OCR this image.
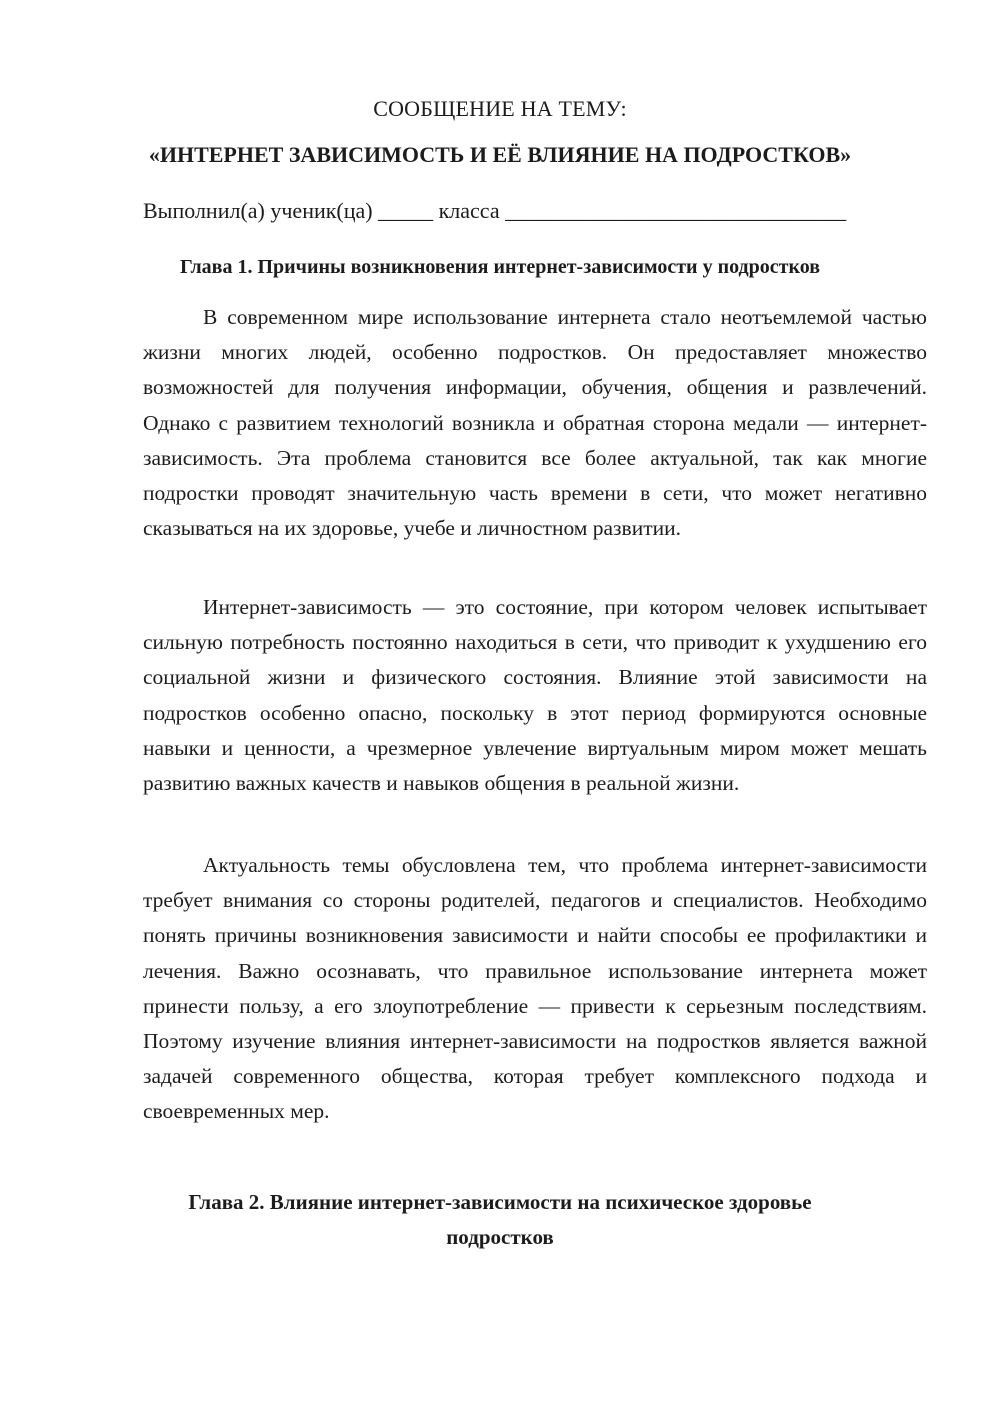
СООБЩЕНИЕ НА ТЕМУ:
«ИНТЕРНЕТ ЗАВИСИМОСТЬ И ЕЁ ВЛИЯНИЕ НА ПОДРОСТКОВ»
Выполнил(а) ученик(ца) _____ класса _______________________________
Глава 1. Причины возникновения интернет-зависимости у подростков

В современном мире использование интернета стало неотъемлемой частью жизни многих людей, особенно подростков. Он предоставляет множество возможностей для получения информации, обучения, общения и развлечений. Однако с развитием технологий возникла и обратная сторона медали — интернет-зависимость. Эта проблема становится все более актуальной, так как многие подростки проводят значительную часть времени в сети, что может негативно сказываться на их здоровье, учебе и личностном развитии.

Интернет-зависимость — это состояние, при котором человек испытывает сильную потребность постоянно находиться в сети, что приводит к ухудшению его социальной жизни и физического состояния. Влияние этой зависимости на подростков особенно опасно, поскольку в этот период формируются основные навыки и ценности, а чрезмерное увлечение виртуальным миром может мешать развитию важных качеств и навыков общения в реальной жизни.

Актуальность темы обусловлена тем, что проблема интернет-зависимости требует внимания со стороны родителей, педагогов и специалистов. Необходимо понять причины возникновения зависимости и найти способы ее профилактики и лечения. Важно осознавать, что правильное использование интернета может принести пользу, а его злоупотребление — привести к серьезным последствиям. Поэтому изучение влияния интернет-зависимости на подростков является важной задачей современного общества, которая требует комплексного подхода и своевременных мер.

Глава 2. Влияние интернет-зависимости на психическое здоровье
подростков
